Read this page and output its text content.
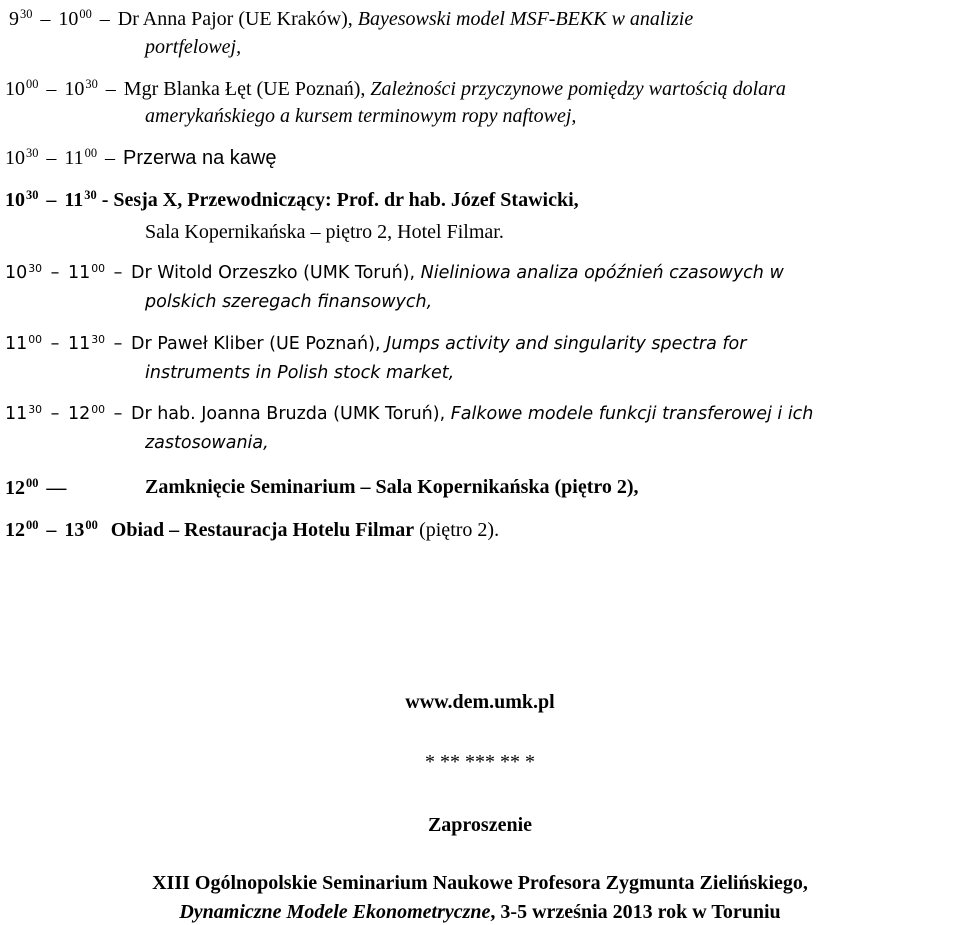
$9^{30} - 10^{00}$ – Dr Anna Pajor (UE Kraków), Bayesowski model MSF-BEKK w analizie
portfelowej,
$10^{00} - 10^{30}$ – Mgr Blanka Łęt (UE Poznań), Zależności przyczynowe pomiędzy wartością dolara
amerykańskiego a kursem terminowym ropy naftowej,
$10^{30} - 11^{00}$ – Przerwa na kawę
$10^{30} - 11^{30}$ - Sesja X, Przewodniczący: Prof. dr hab. Józef Stawicki,
Sala Kopernikańska – piętro 2, Hotel Filmar.
$10^{30} - 11^{00}$ – Dr Witold Orzeszko (UMK Toruń), Nieliniowa analiza opóźnień czasowych w
polskich szeregach finansowych,
$11^{00} - 11^{30}$ – Dr Paweł Kliber (UE Poznań), Jumps activity and singularity spectra for
instruments in Polish stock market,
$11^{30} - 12^{00}$ – Dr hab. Joanna Bruzda (UMK Toruń), Falkowe modele funkcji transferowej i ich
zastosowania,
$12^{00}$ ––	Zamknięcie Seminarium – Sala Kopernikańska (piętro 2),
$12^{00} - 13^{00}$ Obiad – Restauracja Hotelu Filmar (piętro 2).
www.dem.umk.pl
* ** *** ** *
Zaproszenie
XIII Ogólnopolskie Seminarium Naukowe Profesora Zygmunta Zielińskiego,
Dynamiczne Modele Ekonometryczne, 3-5 września 2013 rok w Toruniu
